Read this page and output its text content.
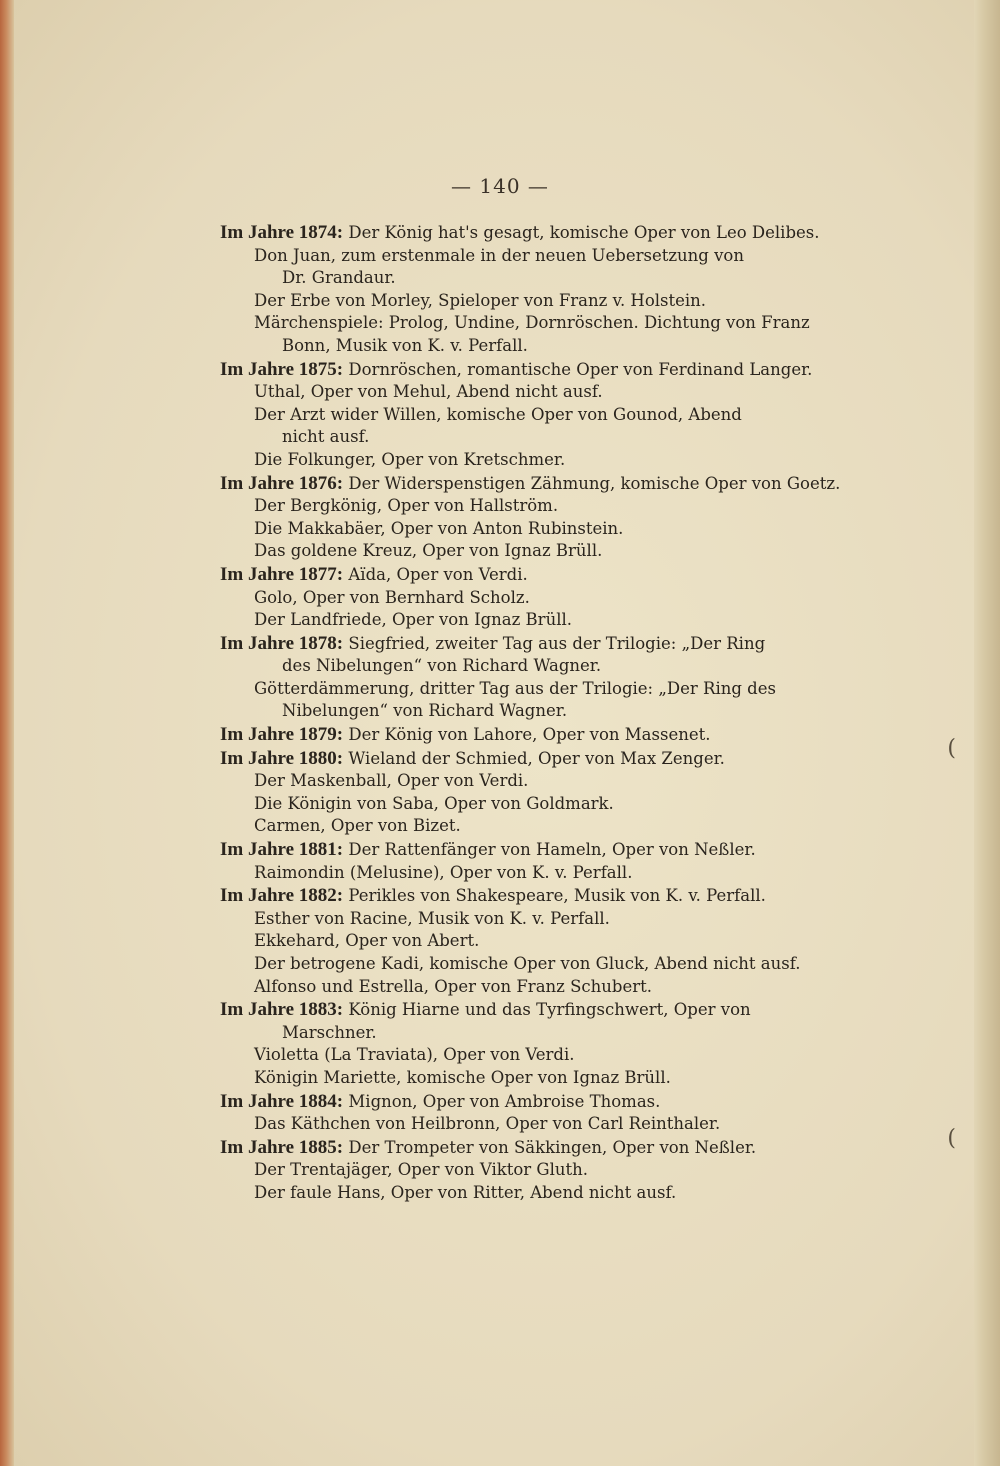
— 140 —
Im Jahre 1874: Der König hat's gesagt, komische Oper von Leo Delibes.
Don Juan, zum erstenmale in der neuen Uebersetzung von
Dr. Grandaur.
Der Erbe von Morley, Spieloper von Franz v. Holstein.
Märchenspiele: Prolog, Undine, Dornröschen. Dichtung von Franz
Bonn, Musik von K. v. Perfall.
Im Jahre 1875: Dornröschen, romantische Oper von Ferdinand Langer.
Uthal, Oper von Mehul, Abend nicht ausf.
Der Arzt wider Willen, komische Oper von Gounod, Abend
nicht ausf.
Die Folkunger, Oper von Kretschmer.
Im Jahre 1876: Der Widerspenstigen Zähmung, komische Oper von Goetz.
Der Bergkönig, Oper von Hallström.
Die Makkabäer, Oper von Anton Rubinstein.
Das goldene Kreuz, Oper von Ignaz Brüll.
Im Jahre 1877: Aïda, Oper von Verdi.
Golo, Oper von Bernhard Scholz.
Der Landfriede, Oper von Ignaz Brüll.
Im Jahre 1878: Siegfried, zweiter Tag aus der Trilogie: „Der Ring
des Nibelungen“ von Richard Wagner.
Götterdämmerung, dritter Tag aus der Trilogie: „Der Ring des
Nibelungen“ von Richard Wagner.
Im Jahre 1879: Der König von Lahore, Oper von Massenet.
Im Jahre 1880: Wieland der Schmied, Oper von Max Zenger.
Der Maskenball, Oper von Verdi.
Die Königin von Saba, Oper von Goldmark.
Carmen, Oper von Bizet.
Im Jahre 1881: Der Rattenfänger von Hameln, Oper von Neßler.
Raimondin (Melusine), Oper von K. v. Perfall.
Im Jahre 1882: Perikles von Shakespeare, Musik von K. v. Perfall.
Esther von Racine, Musik von K. v. Perfall.
Ekkehard, Oper von Abert.
Der betrogene Kadi, komische Oper von Gluck, Abend nicht ausf.
Alfonso und Estrella, Oper von Franz Schubert.
Im Jahre 1883: König Hiarne und das Tyrfingschwert, Oper von
Marschner.
Violetta (La Traviata), Oper von Verdi.
Königin Mariette, komische Oper von Ignaz Brüll.
Im Jahre 1884: Mignon, Oper von Ambroise Thomas.
Das Käthchen von Heilbronn, Oper von Carl Reinthaler.
Im Jahre 1885: Der Trompeter von Säkkingen, Oper von Neßler.
Der Trentajäger, Oper von Viktor Gluth.
Der faule Hans, Oper von Ritter, Abend nicht ausf.
(
(
